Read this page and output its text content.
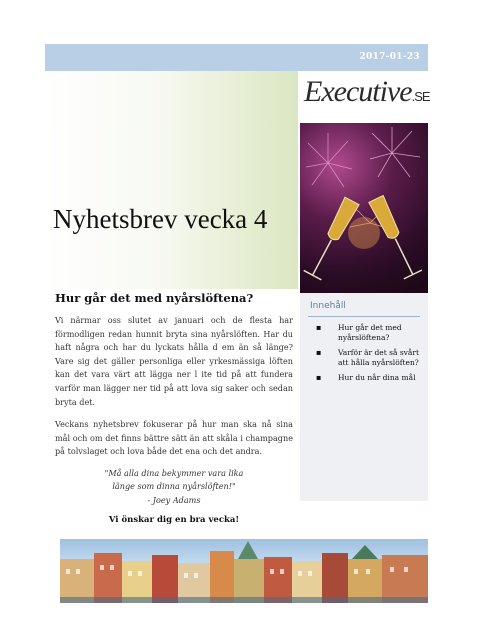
2017-01-23
Nyhetsbrev vecka 4
Executive.SE
Innehåll
▪ Hur går det med nyårslöftena?
▪ Varför är det så svårt att hålla nyårslöften?
▪ Hur du når dina mål
Hur går det med nyårslöftena?

Vi närmar oss slutet av januari och de flesta har förmodligen redan hunnit bryta sina nyårslöften. Har du haft några och har du lyckats hålla d em än så länge? Vare sig det gäller personliga eller yrkesmässiga löften kan det vara värt att lägga ner l ite tid på att fundera varför man lägger ner tid på att lova sig saker och sedan bryta det.

Veckans nyhetsbrev fokuserar på hur man ska nå sina mål och om det finns bättre sätt än att skåla i champagne på tolvslaget och lova både det ena och det andra.

"Må alla dina bekymmer vara lika
länge som dinna nyårslöften!"
- Joey Adams

Vi önskar dig en bra vecka!
